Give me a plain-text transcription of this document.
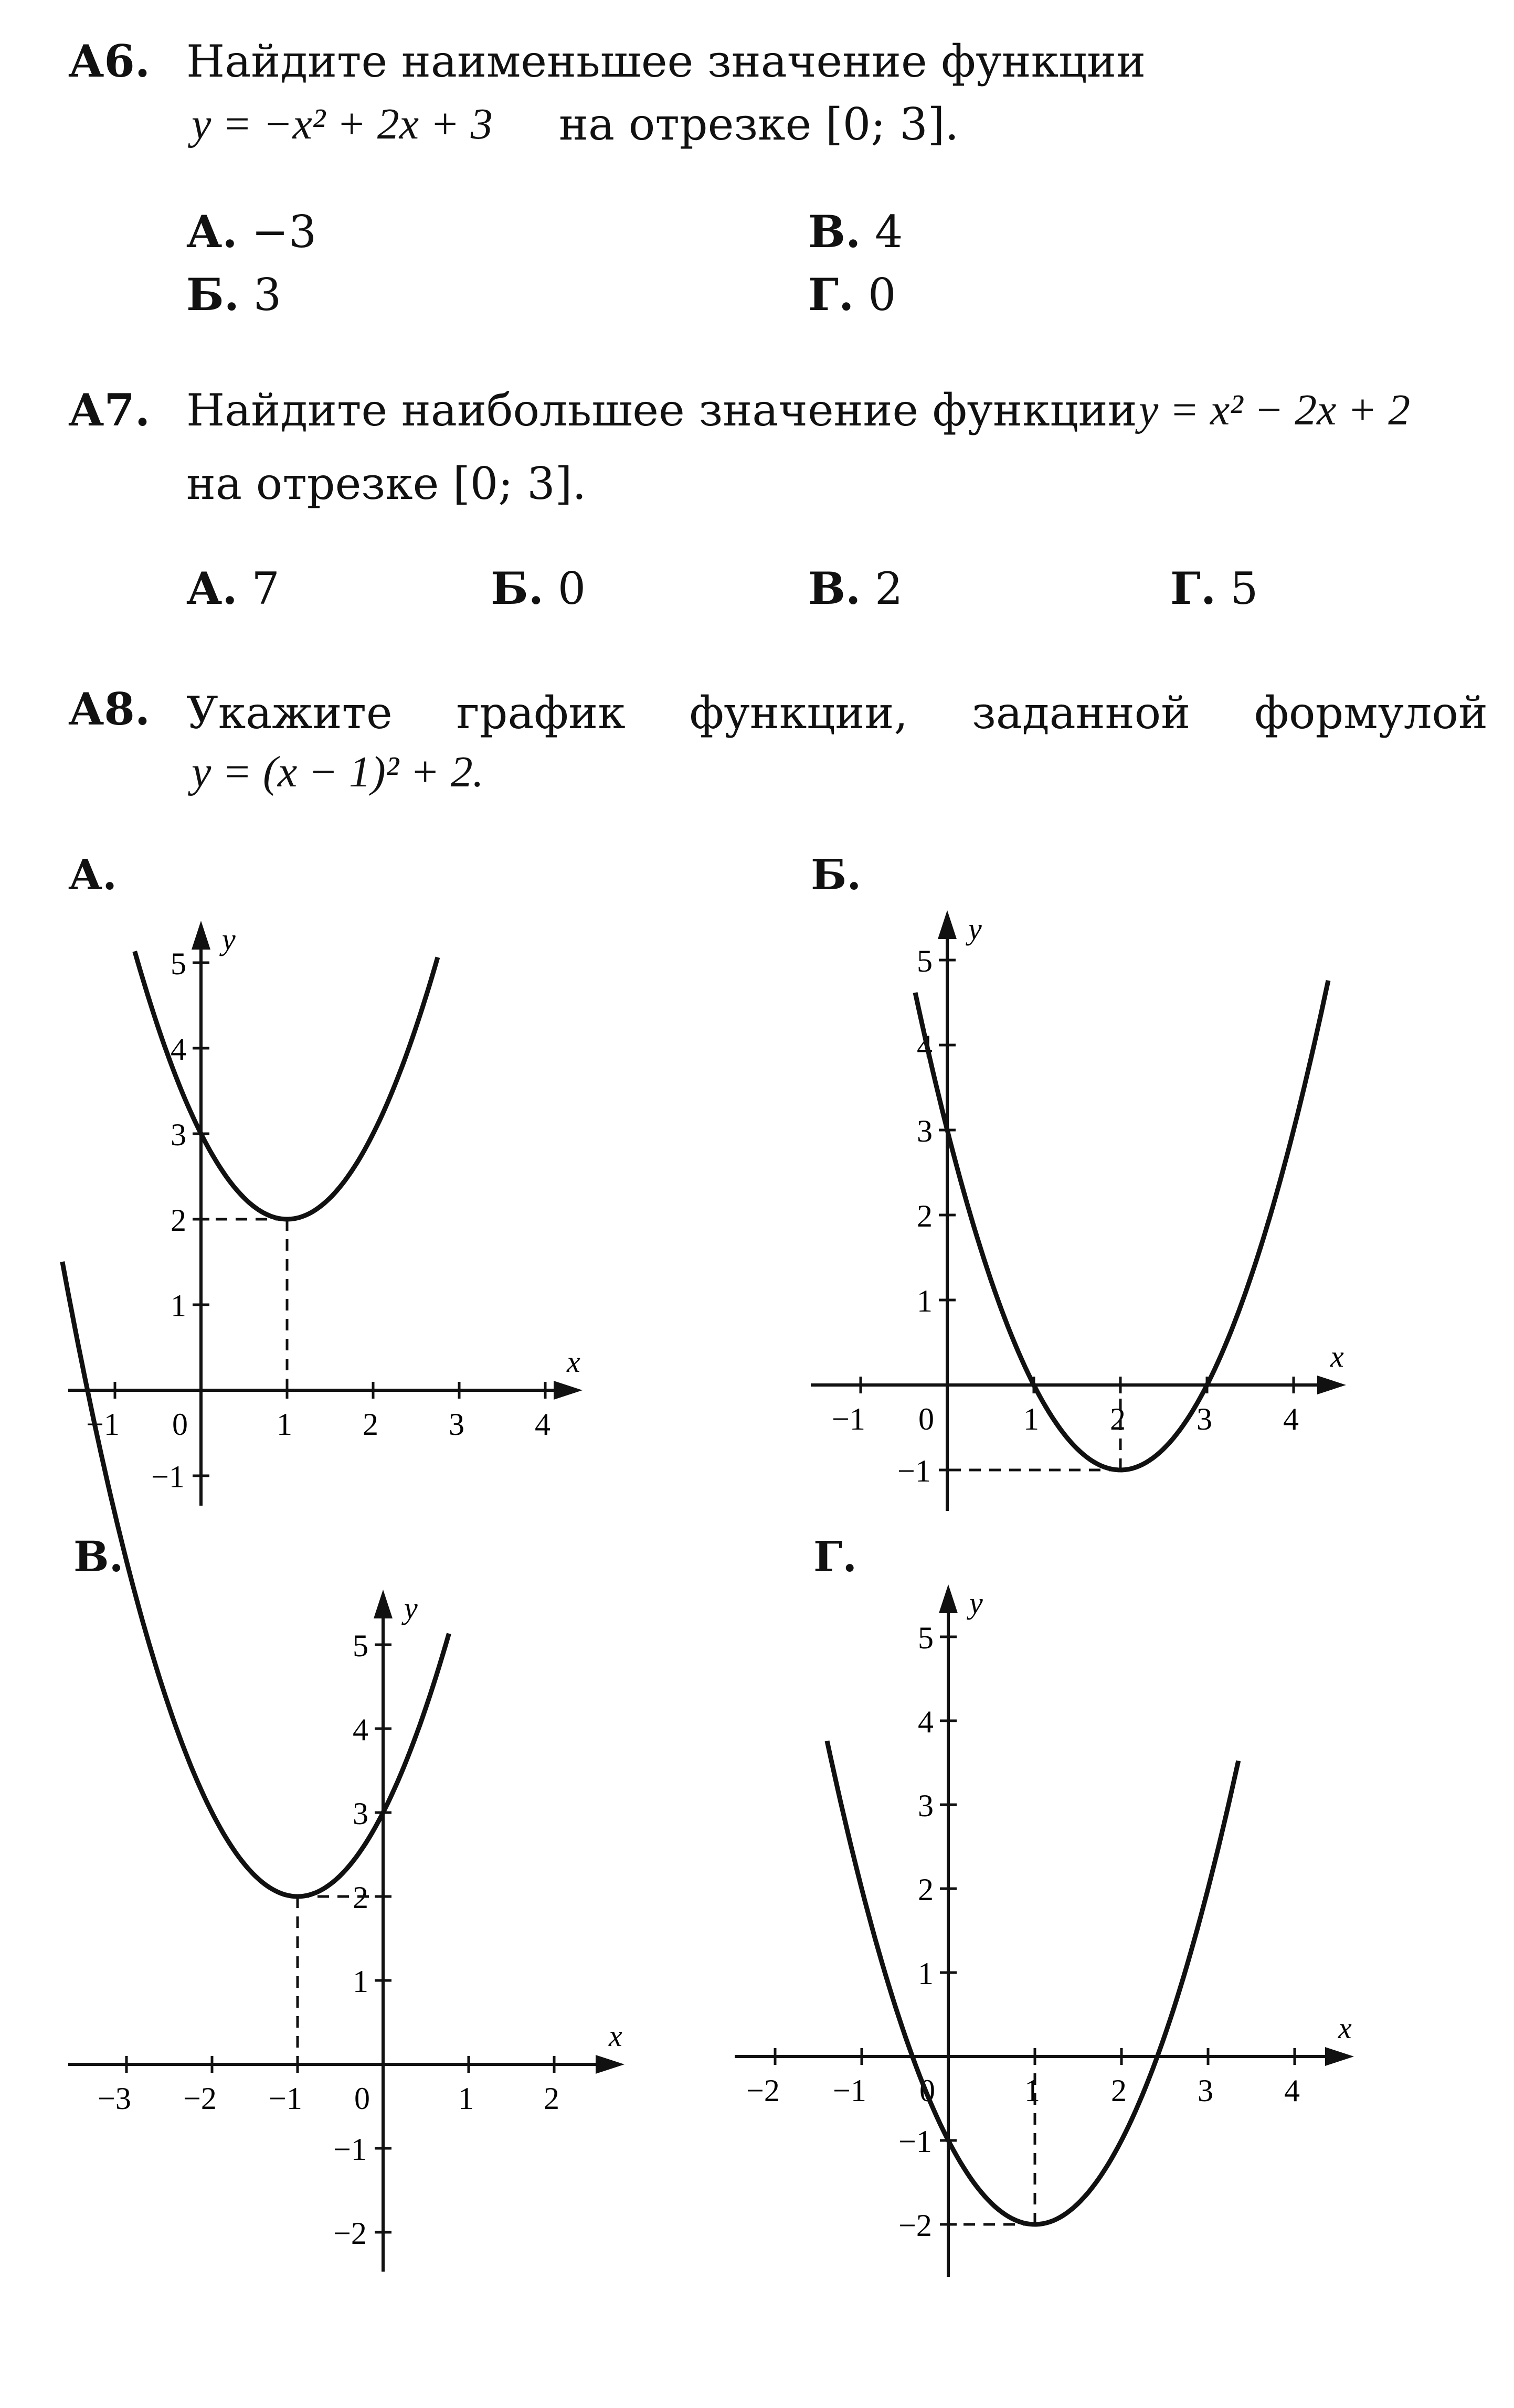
А6. Найдите наименьшее значение функции
y = −x² + 2x + 3 на отрезке [0; 3].
А. −3	В. 4
Б. 3	Г. 0
А7. Найдите наибольшее значение функции y = x² − 2x + 2
на отрезке [0; 3].
А. 7	Б. 0	В. 2	Г. 5
А8. Укажите график функции, заданной формулой
y = (x − 1)² + 2.
А.	Б.
В.	Г.
x
y
−1 0	1 2 3 4
−1
1
2
3
4
5
x
y
−1 0	1 2 3 4
−1
1
2
3
4
5
x
y
−3 −2 −1 0	1 2
−2
−1
1
2
3
4
5
x
y
−2 −1 0	1 2 3 4
−2
−1
1
2
3
4
5
